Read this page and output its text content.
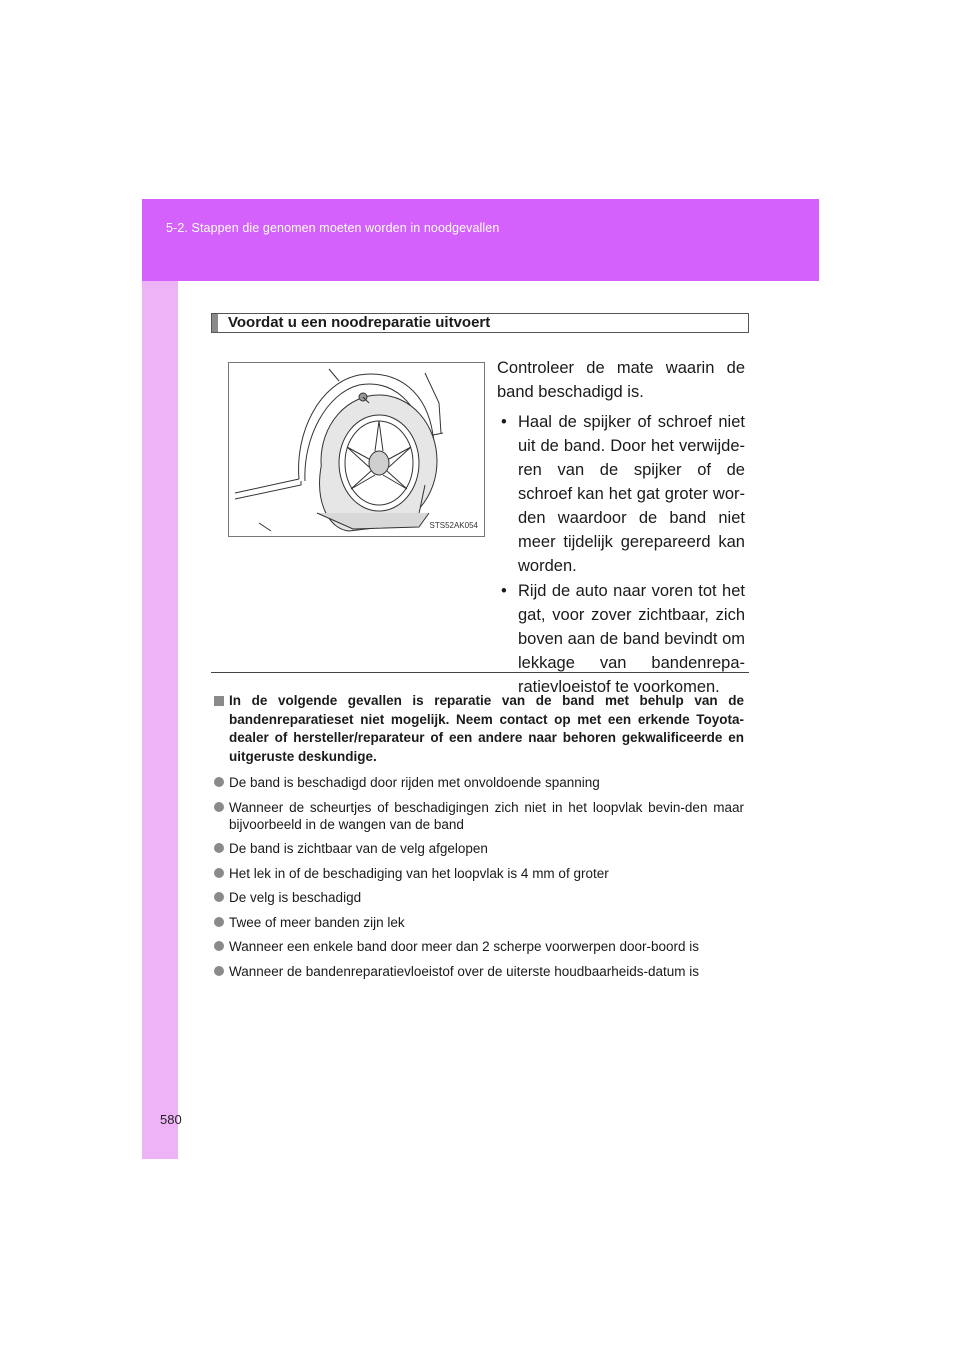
5-2. Stappen die genomen moeten worden in noodgevallen
Voordat u een noodreparatie uitvoert
STS52AK054
Controleer de mate waarin de band beschadigd is.
• Haal de spijker of schroef niet uit de band. Door het verwijde-ren van de spijker of de schroef kan het gat groter wor-den waardoor de band niet meer tijdelijk gerepareerd kan worden.
• Rijd de auto naar voren tot het gat, voor zover zichtbaar, zich boven aan de band bevindt om lekkage van bandenrepa-ratievloeistof te voorkomen.
In de volgende gevallen is reparatie van de band met behulp van de bandenreparatieset niet mogelijk. Neem contact op met een erkende Toyota-dealer of hersteller/reparateur of een andere naar behoren gekwalificeerde en uitgeruste deskundige.
De band is beschadigd door rijden met onvoldoende spanning
Wanneer de scheurtjes of beschadigingen zich niet in het loopvlak bevin-den maar bijvoorbeeld in de wangen van de band
De band is zichtbaar van de velg afgelopen
Het lek in of de beschadiging van het loopvlak is 4 mm of groter
De velg is beschadigd
Twee of meer banden zijn lek
Wanneer een enkele band door meer dan 2 scherpe voorwerpen door-boord is
Wanneer de bandenreparatievloeistof over de uiterste houdbaarheids-datum is
580
